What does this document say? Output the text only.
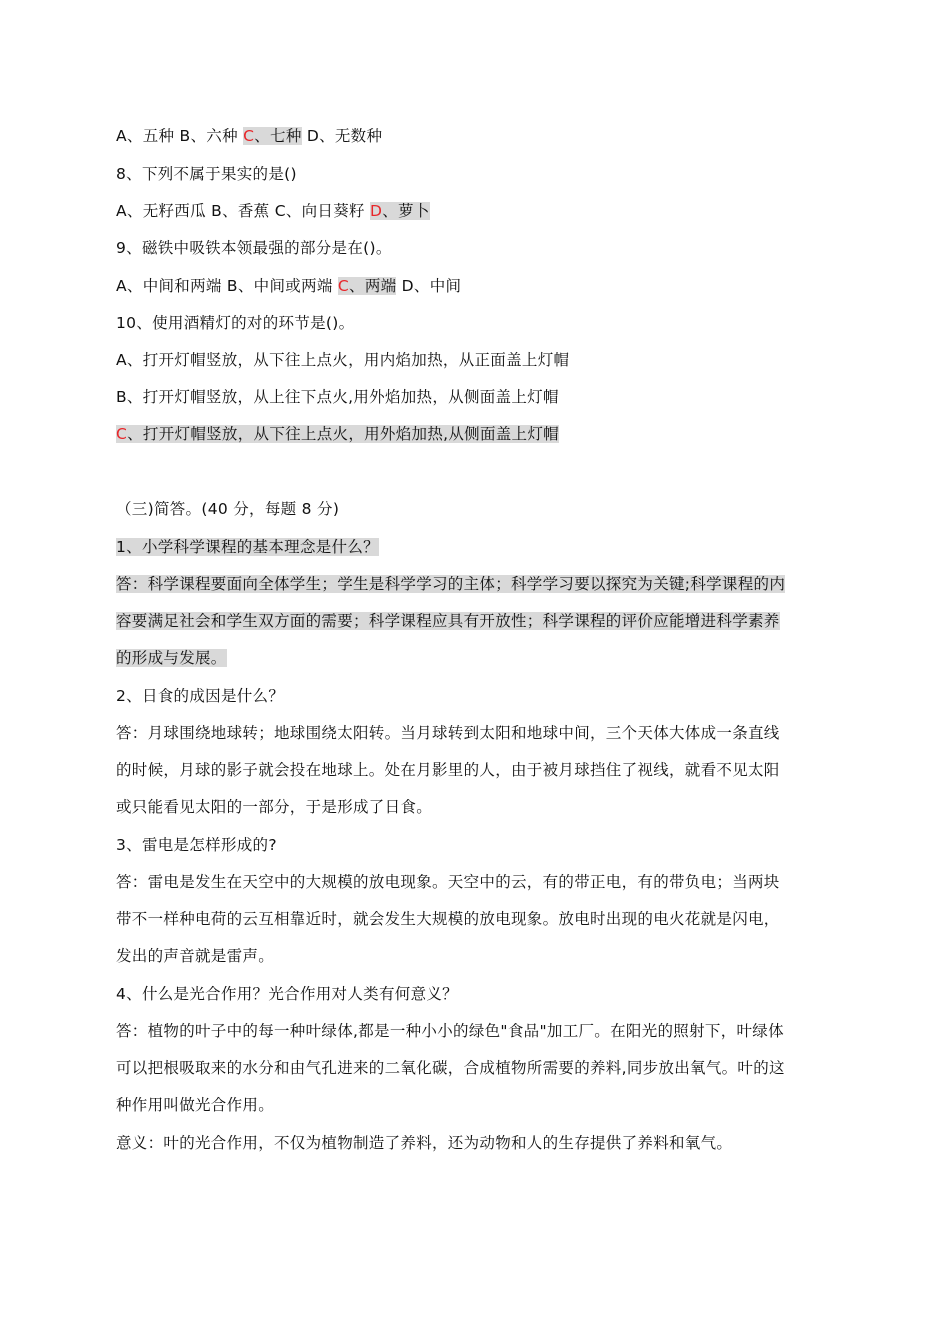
A、五种 B、六种 C、七种 D、无数种
8、下列不属于果实的是()
A、无籽西瓜 B、香蕉 C、向日葵籽 D、萝卜
9、磁铁中吸铁本领最强的部分是在()。
A、中间和两端 B、中间或两端 C、两端 D、中间
10、使用酒精灯的对的环节是()。
A、打开灯帽竖放，从下往上点火，用内焰加热，从正面盖上灯帽
B、打开灯帽竖放，从上往下点火,用外焰加热，从侧面盖上灯帽
C、打开灯帽竖放，从下往上点火，用外焰加热,从侧面盖上灯帽
（三)简答。(40 分，每题 8 分)
1、小学科学课程的基本理念是什么？
答：科学课程要面向全体学生；学生是科学学习的主体；科学学习要以探究为关键;科学课程的内
容要满足社会和学生双方面的需要；科学课程应具有开放性；科学课程的评价应能增进科学素养
的形成与发展。
2、日食的成因是什么？
答：月球围绕地球转；地球围绕太阳转。当月球转到太阳和地球中间，三个天体大体成一条直线
的时候，月球的影子就会投在地球上。处在月影里的人，由于被月球挡住了视线，就看不见太阳
或只能看见太阳的一部分，于是形成了日食。
3、雷电是怎样形成的?
答：雷电是发生在天空中的大规模的放电现象。天空中的云，有的带正电，有的带负电；当两块
带不一样种电荷的云互相靠近时，就会发生大规模的放电现象。放电时出现的电火花就是闪电，
发出的声音就是雷声。
4、什么是光合作用？光合作用对人类有何意义？
答：植物的叶子中的每一种叶绿体,都是一种小小的绿色"食品"加工厂。在阳光的照射下，叶绿体
可以把根吸取来的水分和由气孔进来的二氧化碳，合成植物所需要的养料,同步放出氧气。叶的这
种作用叫做光合作用。
意义：叶的光合作用，不仅为植物制造了养料，还为动物和人的生存提供了养料和氧气。
